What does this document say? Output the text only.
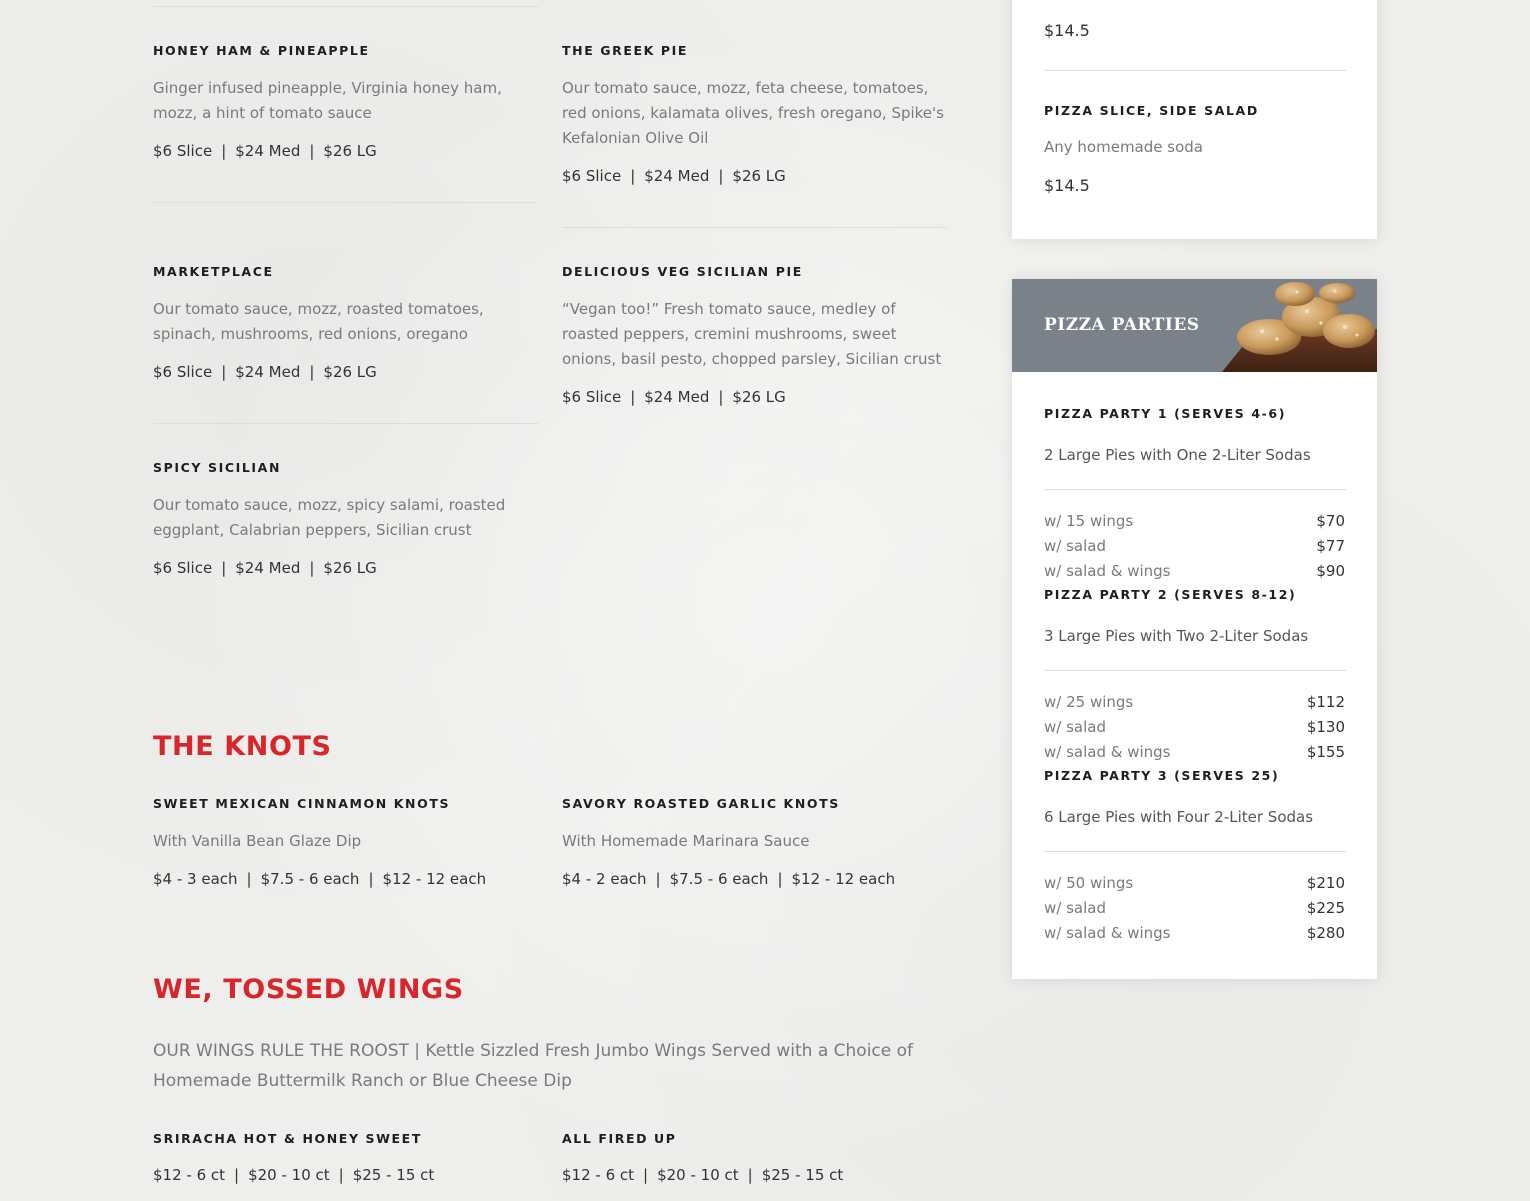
HONEY HAM & PINEAPPLE

Ginger infused pineapple, Virginia honey ham, mozz, a hint of tomato sauce

$6 Slice | $24 Med | $26 LG

THE GREEK PIE

Our tomato sauce, mozz, feta cheese, tomatoes, red onions, kalamata olives, fresh oregano, Spike's Kefalonian Olive Oil

$6 Slice | $24 Med | $26 LG

MARKETPLACE

Our tomato sauce, mozz, roasted tomatoes, spinach, mushrooms, red onions, oregano

$6 Slice | $24 Med | $26 LG

DELICIOUS VEG SICILIAN PIE

“Vegan too!” Fresh tomato sauce, medley of roasted peppers, cremini mushrooms, sweet onions, basil pesto, chopped parsley, Sicilian crust

$6 Slice | $24 Med | $26 LG

SPICY SICILIAN

Our tomato sauce, mozz, spicy salami, roasted eggplant, Calabrian peppers, Sicilian crust

$6 Slice | $24 Med | $26 LG

THE KNOTS

SWEET MEXICAN CINNAMON KNOTS

With Vanilla Bean Glaze Dip

$4 - 3 each | $7.5 - 6 each | $12 - 12 each

SAVORY ROASTED GARLIC KNOTS

With Homemade Marinara Sauce

$4 - 2 each | $7.5 - 6 each | $12 - 12 each

WE, TOSSED WINGS

OUR WINGS RULE THE ROOST | Kettle Sizzled Fresh Jumbo Wings Served with a Choice of Homemade Buttermilk Ranch or Blue Cheese Dip

SRIRACHA HOT & HONEY SWEET

$12 - 6 ct | $20 - 10 ct | $25 - 15 ct

ALL FIRED UP

$12 - 6 ct | $20 - 10 ct | $25 - 15 ct

$14.5

PIZZA SLICE, SIDE SALAD

Any homemade soda

$14.5

PIZZA PARTIES

PIZZA PARTY 1 (SERVES 4-6)

2 Large Pies with One 2-Liter Sodas

w/ 15 wings	$70
w/ salad	$77
w/ salad & wings	$90

PIZZA PARTY 2 (SERVES 8-12)

3 Large Pies with Two 2-Liter Sodas

w/ 25 wings	$112
w/ salad	$130
w/ salad & wings	$155

PIZZA PARTY 3 (SERVES 25)

6 Large Pies with Four 2-Liter Sodas

w/ 50 wings	$210
w/ salad	$225
w/ salad & wings	$280
